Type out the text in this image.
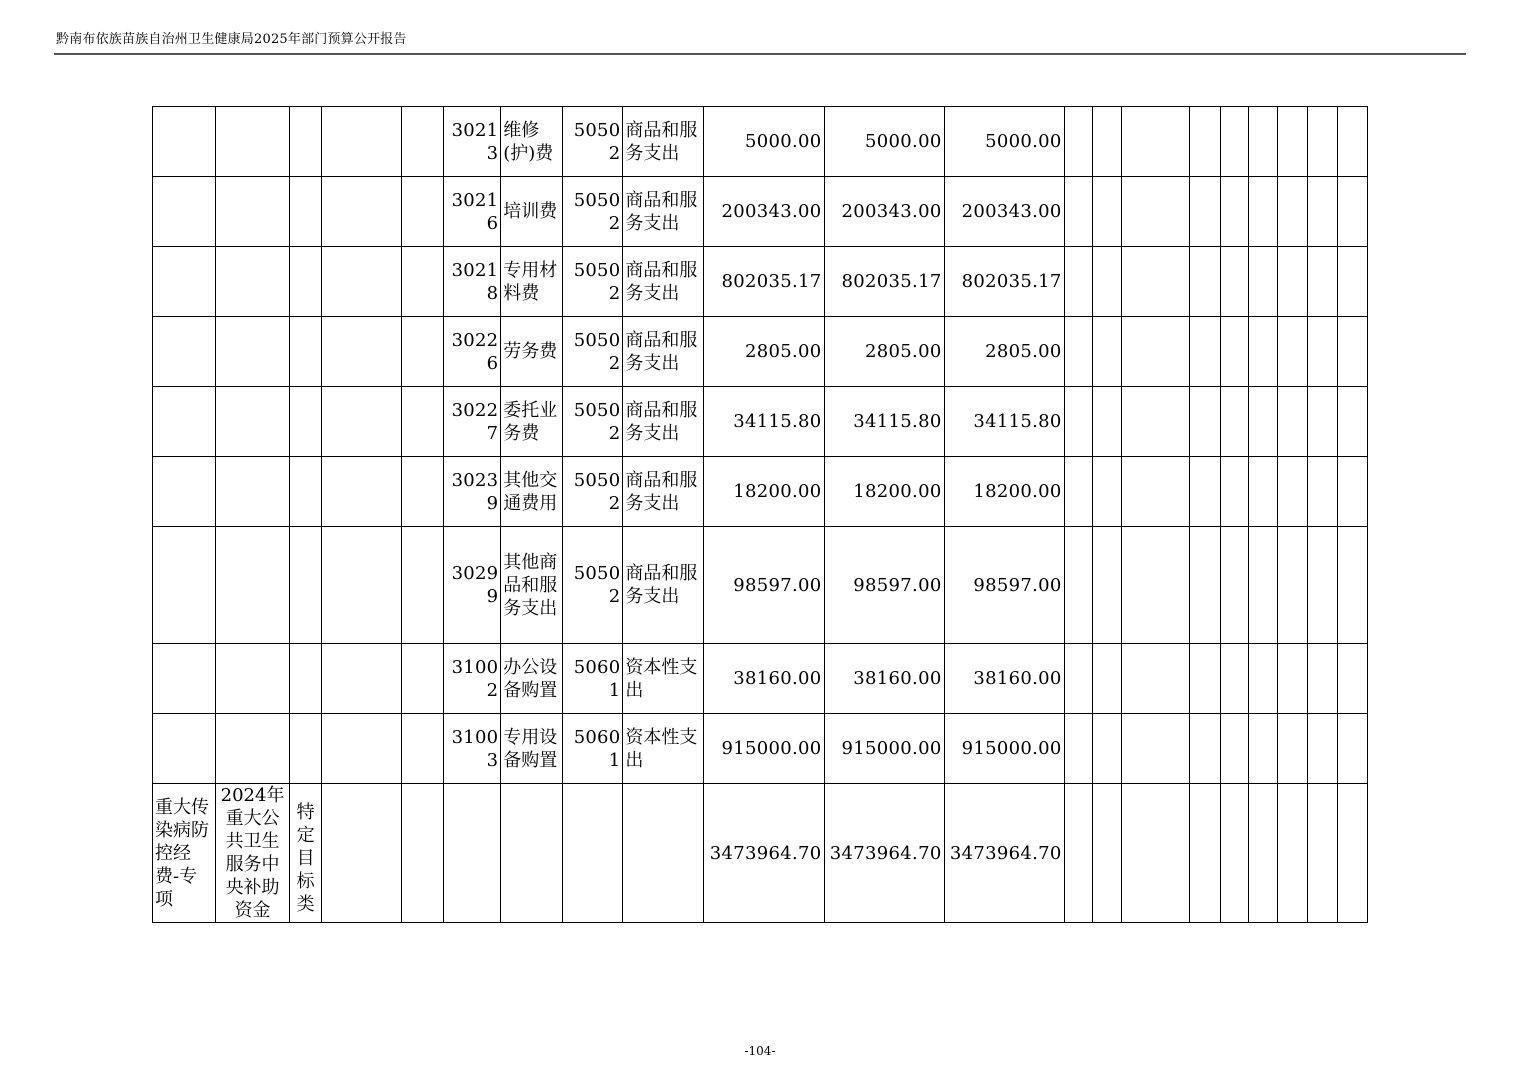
黔南布依族苗族自治州卫生健康局2025年部门预算公开报告
					30213	维修(护)费	50502	商品和服务支出	5000.00	5000.00	5000.00									
					30216	培训费	50502	商品和服务支出	200343.00	200343.00	200343.00									
					30218	专用材料费	50502	商品和服务支出	802035.17	802035.17	802035.17									
					30226	劳务费	50502	商品和服务支出	2805.00	2805.00	2805.00									
					30227	委托业务费	50502	商品和服务支出	34115.80	34115.80	34115.80									
					30239	其他交通费用	50502	商品和服务支出	18200.00	18200.00	18200.00									
					30299	其他商品和服务支出	50502	商品和服务支出	98597.00	98597.00	98597.00									
					31002	办公设备购置	50601	资本性支出	38160.00	38160.00	38160.00									
					31003	专用设备购置	50601	资本性支出	915000.00	915000.00	915000.00									
重大传染病防控经费-专项	2024年重大公共卫生服务中央补助资金	特定目标类							3473964.70	3473964.70	3473964.70									
-104-
